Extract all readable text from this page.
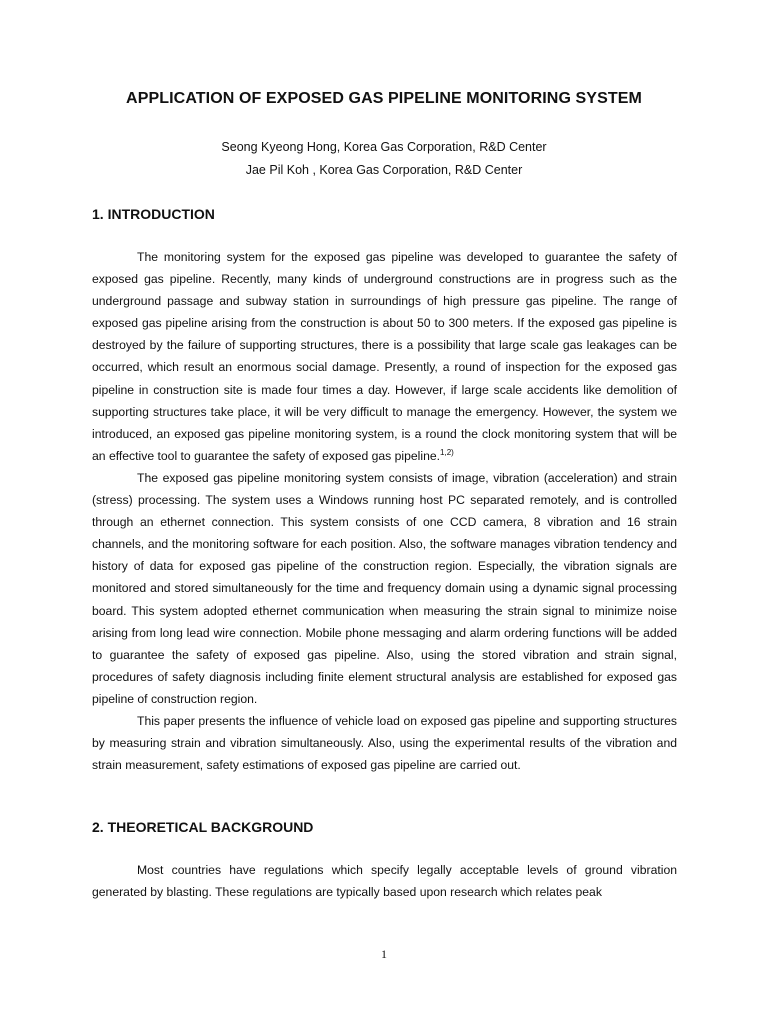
APPLICATION OF EXPOSED GAS PIPELINE MONITORING SYSTEM
Seong Kyeong Hong, Korea Gas Corporation, R&D Center
Jae Pil Koh , Korea Gas Corporation, R&D Center
1. INTRODUCTION

The monitoring system for the exposed gas pipeline was developed to guarantee the safety of exposed gas pipeline. Recently, many kinds of underground constructions are in progress such as the underground passage and subway station in surroundings of high pressure gas pipeline. The range of exposed gas pipeline arising from the construction is about 50 to 300 meters. If the exposed gas pipeline is destroyed by the failure of supporting structures, there is a possibility that large scale gas leakages can be occurred, which result an enormous social damage. Presently, a round of inspection for the exposed gas pipeline in construction site is made four times a day. However, if large scale accidents like demolition of supporting structures take place, it will be very difficult to manage the emergency. However, the system we introduced, an exposed gas pipeline monitoring system, is a round the clock monitoring system that will be an effective tool to guarantee the safety of exposed gas pipeline.$^{1,2)}$

The exposed gas pipeline monitoring system consists of image, vibration (acceleration) and strain (stress) processing. The system uses a Windows running host PC separated remotely, and is controlled through an ethernet connection. This system consists of one CCD camera, 8 vibration and 16 strain channels, and the monitoring software for each position. Also, the software manages vibration tendency and history of data for exposed gas pipeline of the construction region. Especially, the vibration signals are monitored and stored simultaneously for the time and frequency domain using a dynamic signal processing board. This system adopted ethernet communication when measuring the strain signal to minimize noise arising from long lead wire connection. Mobile phone messaging and alarm ordering functions will be added to guarantee the safety of exposed gas pipeline. Also, using the stored vibration and strain signal, procedures of safety diagnosis including finite element structural analysis are established for exposed gas pipeline of construction region.

This paper presents the influence of vehicle load on exposed gas pipeline and supporting structures by measuring strain and vibration simultaneously. Also, using the experimental results of the vibration and strain measurement, safety estimations of exposed gas pipeline are carried out.

2. THEORETICAL BACKGROUND

Most countries have regulations which specify legally acceptable levels of ground vibration generated by blasting. These regulations are typically based upon research which relates peak

1
